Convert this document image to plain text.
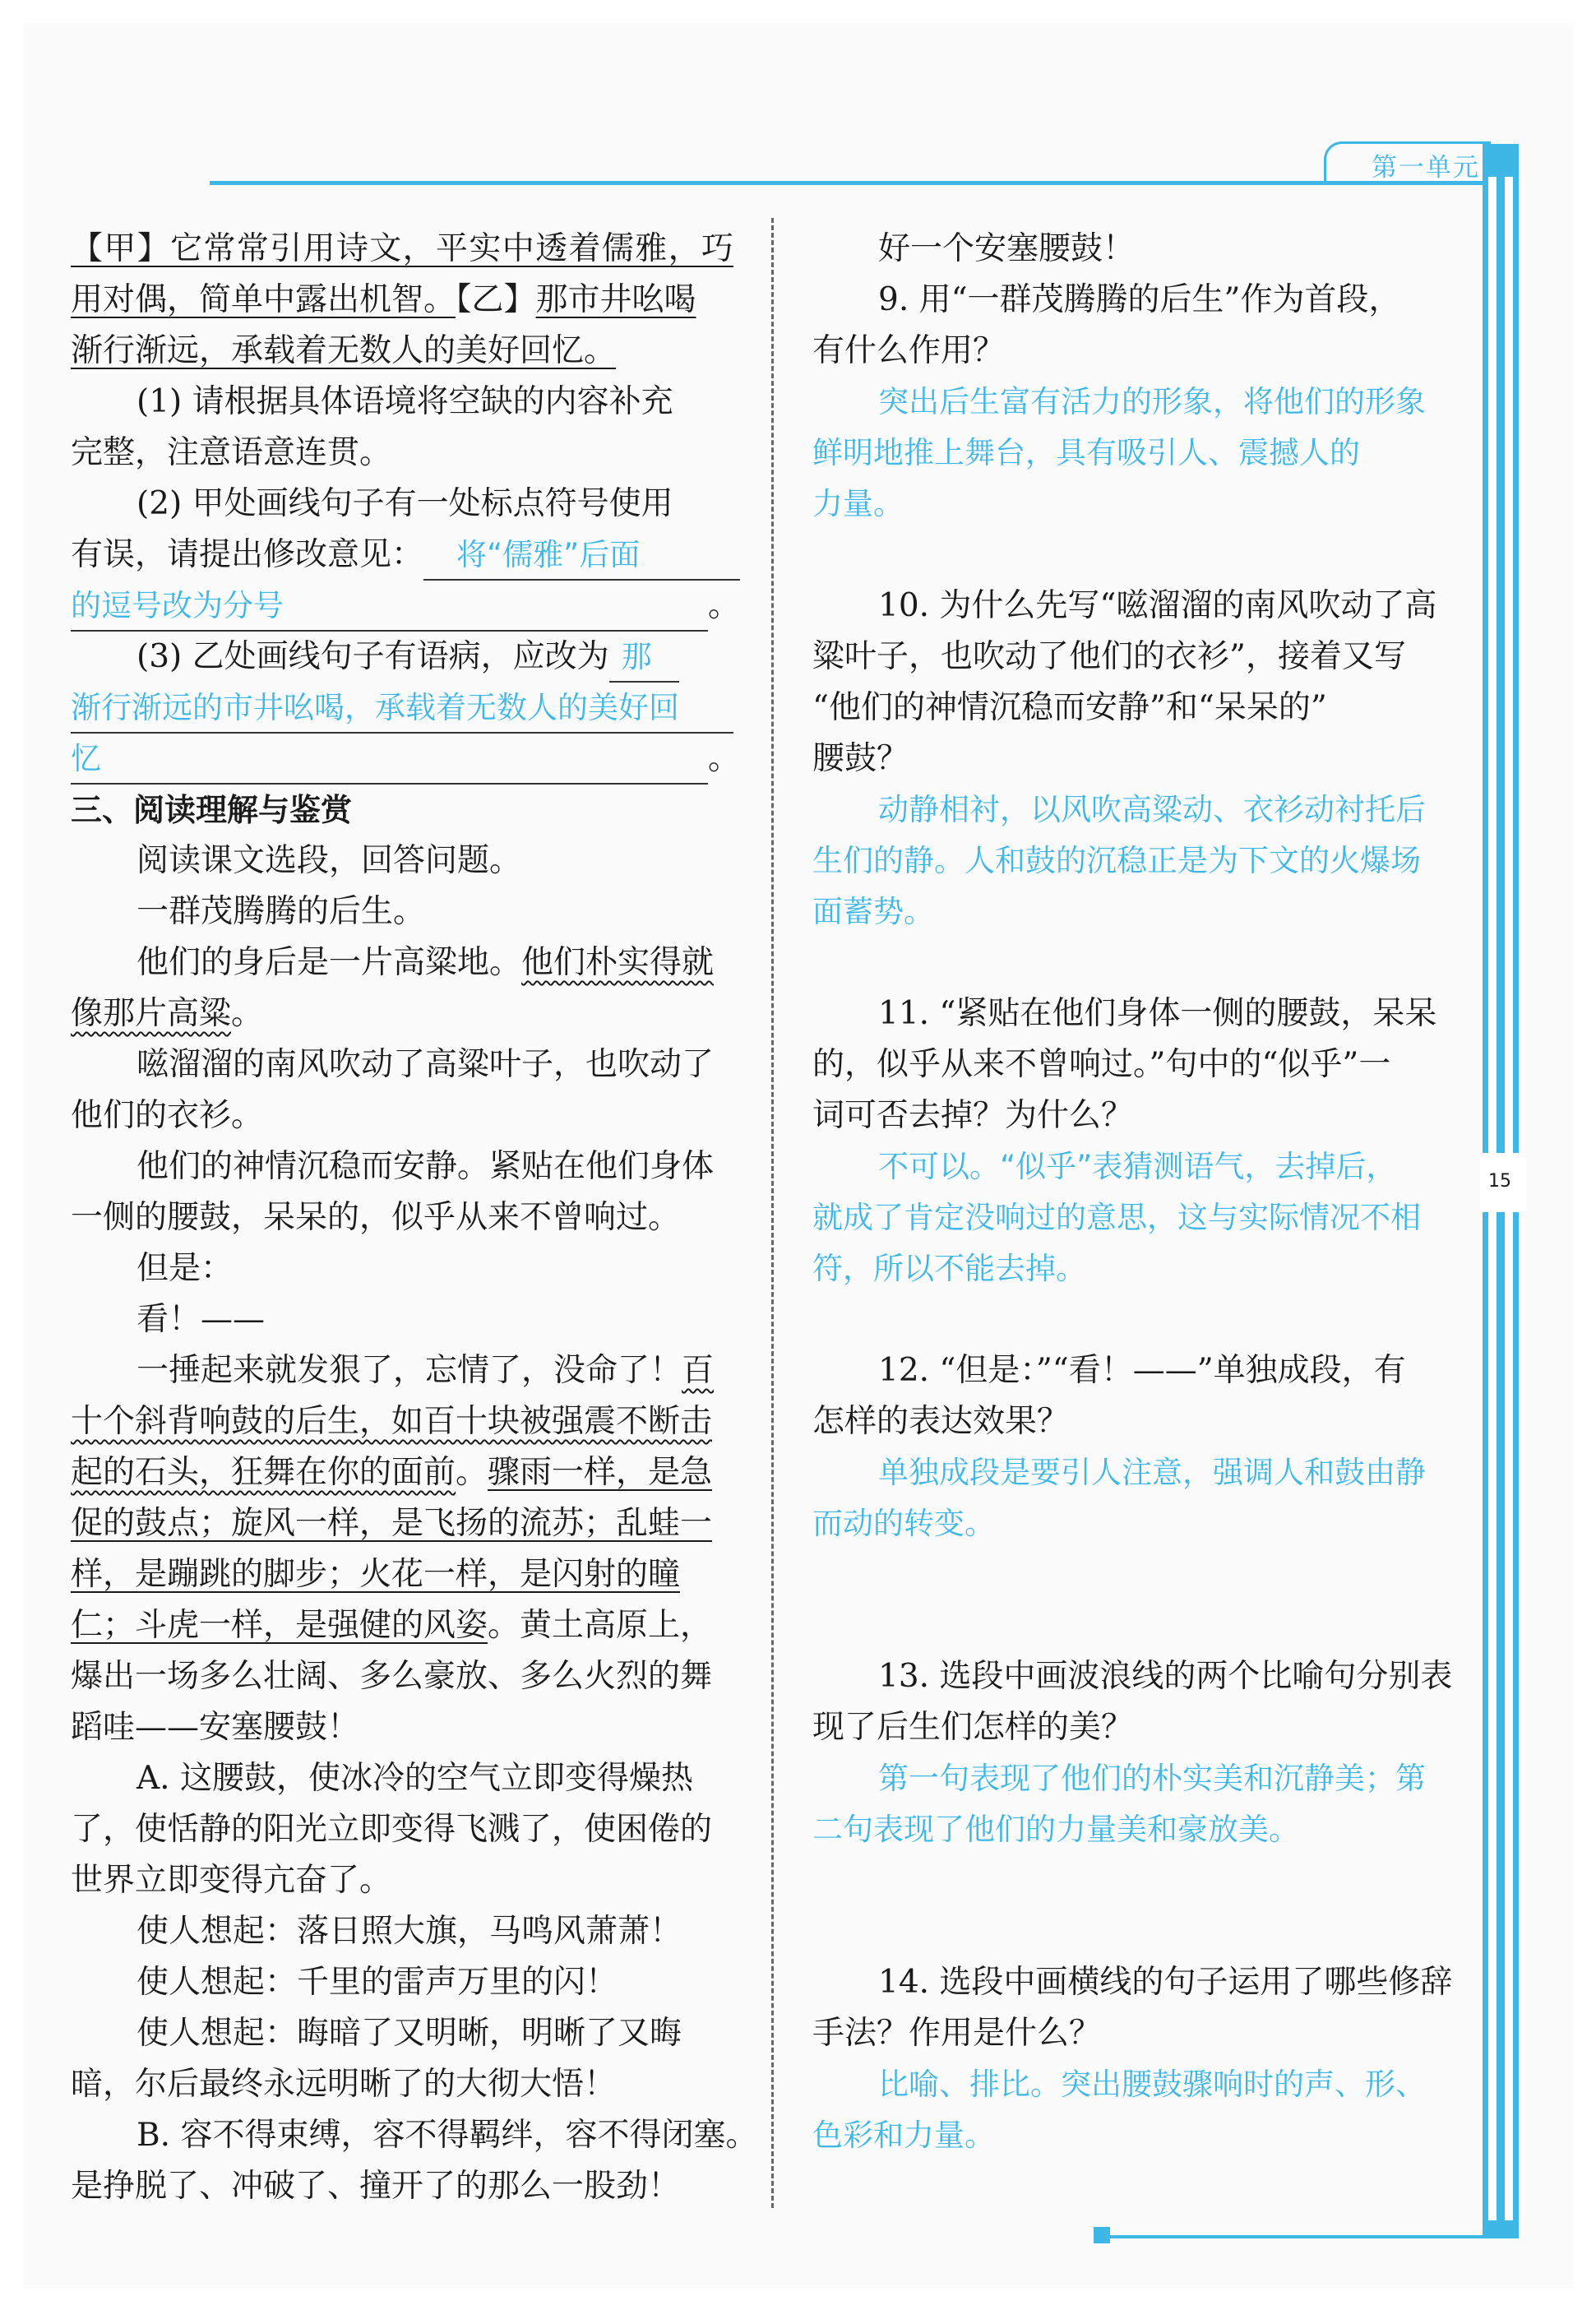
第一单元
15
【甲】它常常引用诗文，平实中透着儒雅，巧
用对偶，简单中露出机智。【乙】那市井吆喝
渐行渐远，承载着无数人的美好回忆。
(1) 请根据具体语境将空缺的内容补充
完整，注意语意连贯。
(2) 甲处画线句子有一处标点符号使用
有误，请提出修改意见： 将“儒雅”后面
的逗号改为分号	。
(3) 乙处画线句子有语病，应改为 那
渐行渐远的市井吆喝，承载着无数人的美好回
忆	。
三、阅读理解与鉴赏
阅读课文选段，回答问题。
一群茂腾腾的后生。
他们的身后是一片高粱地。他们朴实得就
像那片高粱。
嗞溜溜的南风吹动了高粱叶子，也吹动了
他们的衣衫。
他们的神情沉稳而安静。紧贴在他们身体
一侧的腰鼓，呆呆的，似乎从来不曾响过。
但是：
看！——
一捶起来就发狠了，忘情了，没命了！百
十个斜背响鼓的后生，如百十块被强震不断击
起的石头，狂舞在你的面前。骤雨一样，是急
促的鼓点；旋风一样，是飞扬的流苏；乱蛙一
样，是蹦跳的脚步；火花一样，是闪射的瞳
仁；斗虎一样，是强健的风姿。黄土高原上，
爆出一场多么壮阔、多么豪放、多么火烈的舞
蹈哇——安塞腰鼓！
A. 这腰鼓，使冰冷的空气立即变得燥热
了，使恬静的阳光立即变得飞溅了，使困倦的
世界立即变得亢奋了。
使人想起：落日照大旗，马鸣风萧萧！
使人想起：千里的雷声万里的闪！
使人想起：晦暗了又明晰，明晰了又晦
暗，尔后最终永远明晰了的大彻大悟！
B. 容不得束缚，容不得羁绊，容不得闭塞。
是挣脱了、冲破了、撞开了的那么一股劲！
好一个安塞腰鼓！
9. 用“一群茂腾腾的后生”作为首段，
有什么作用？
突出后生富有活力的形象，将他们的形象
鲜明地推上舞台，具有吸引人、震撼人的
力量。
10. 为什么先写“嗞溜溜的南风吹动了高
粱叶子，也吹动了他们的衣衫”，接着又写
“他们的神情沉稳而安静”和“呆呆的”
腰鼓？
动静相衬，以风吹高粱动、衣衫动衬托后
生们的静。人和鼓的沉稳正是为下文的火爆场
面蓄势。
11. “紧贴在他们身体一侧的腰鼓，呆呆
的，似乎从来不曾响过。”句中的“似乎”一
词可否去掉？为什么？
不可以。“似乎”表猜测语气，去掉后，
就成了肯定没响过的意思，这与实际情况不相
符，所以不能去掉。
12. “但是：”“看！——”单独成段，有
怎样的表达效果？
单独成段是要引人注意，强调人和鼓由静
而动的转变。
13. 选段中画波浪线的两个比喻句分别表
现了后生们怎样的美？
第一句表现了他们的朴实美和沉静美；第
二句表现了他们的力量美和豪放美。
14. 选段中画横线的句子运用了哪些修辞
手法？作用是什么？
比喻、排比。突出腰鼓骤响时的声、形、
色彩和力量。
